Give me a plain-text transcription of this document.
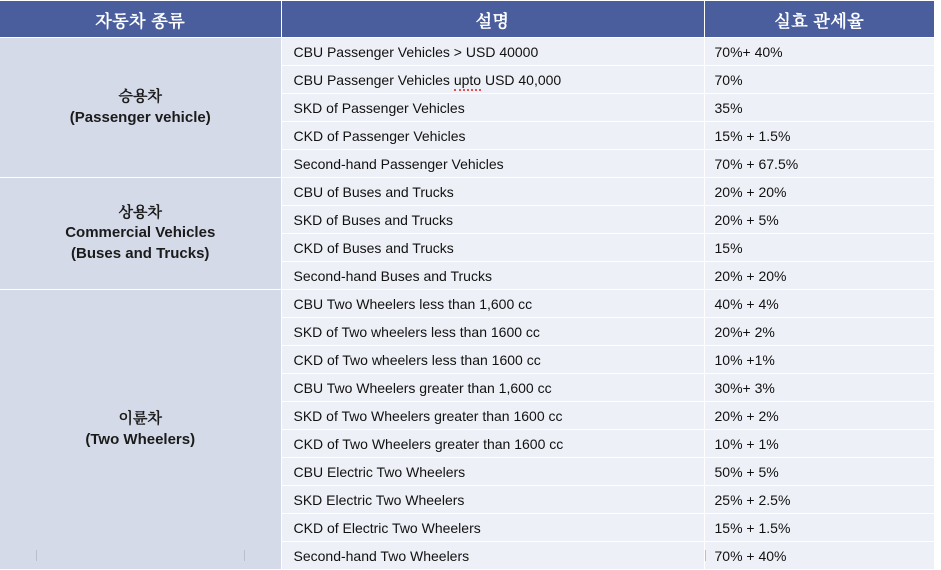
자동차 종류	설명	실효 관세율

승용차
(Passenger vehicle)	CBU Passenger Vehicles > USD 40000	70%+ 40%
	CBU Passenger Vehicles upto USD 40,000	70%
	SKD of Passenger Vehicles	35%
	CKD of Passenger Vehicles	15% + 1.5%
	Second-hand Passenger Vehicles	70% + 67.5%

상용차
Commercial Vehicles
(Buses and Trucks)	CBU of Buses and Trucks	20% + 20%
	SKD of Buses and Trucks	20% + 5%
	CKD of Buses and Trucks	15%
	Second-hand Buses and Trucks	20% + 20%

이륜차
(Two Wheelers)	CBU Two Wheelers less than 1,600 cc	40% + 4%
	SKD of Two wheelers less than 1600 cc	20%+ 2%
	CKD of Two wheelers less than 1600 cc	10% +1%
	CBU Two Wheelers greater than 1,600 cc	30%+ 3%
	SKD of Two Wheelers greater than 1600 cc	20% + 2%
	CKD of Two Wheelers greater than 1600 cc	10% + 1%
	CBU Electric Two Wheelers	50% + 5%
	SKD Electric Two Wheelers	25% + 2.5%
	CKD of Electric Two Wheelers	15% + 1.5%
	Second-hand Two Wheelers	70% + 40%
